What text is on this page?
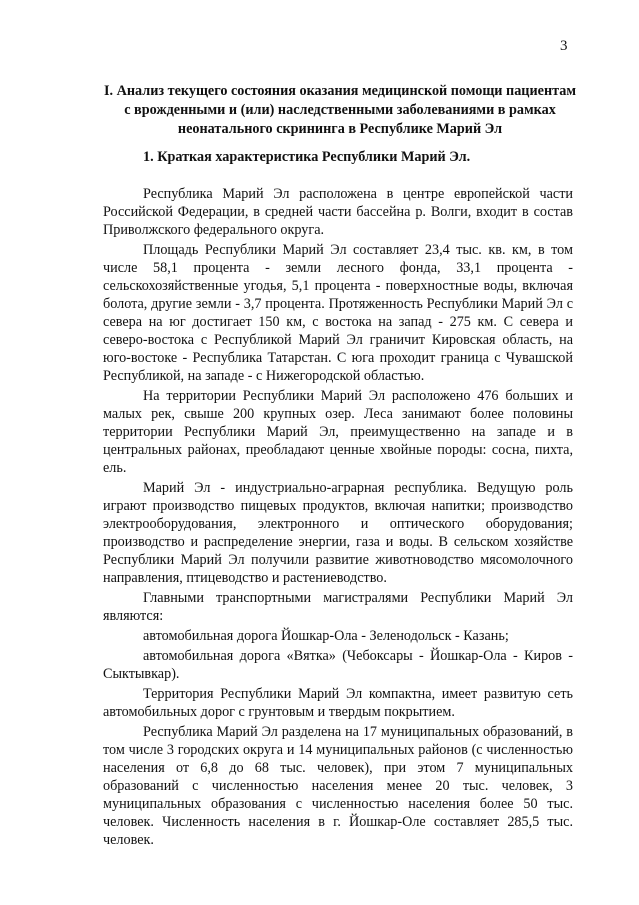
3
I. Анализ текущего состояния оказания медицинской помощи пациентам с врожденными и (или) наследственными заболеваниями в рамках неонатального скрининга в Республике Марий Эл
1. Краткая характеристика Республики Марий Эл.

Республика Марий Эл расположена в центре европейской части Российской Федерации, в средней части бассейна р. Волги, входит в состав Приволжского федерального округа.

Площадь Республики Марий Эл составляет 23,4 тыс. кв. км, в том числе 58,1 процента - земли лесного фонда, 33,1 процента - сельскохозяйственные угодья, 5,1 процента - поверхностные воды, включая болота, другие земли - 3,7 процента. Протяженность Республики Марий Эл с севера на юг достигает 150 км, с востока на запад - 275 км. С севера и северо-востока с Республикой Марий Эл граничит Кировская область, на юго-востоке - Республика Татарстан. С юга проходит граница с Чувашской Республикой, на западе - с Нижегородской областью.

На территории Республики Марий Эл расположено 476 больших и малых рек, свыше 200 крупных озер. Леса занимают более половины территории Республики Марий Эл, преимущественно на западе и в центральных районах, преобладают ценные хвойные породы: сосна, пихта, ель.

Марий Эл - индустриально-аграрная республика. Ведущую роль играют производство пищевых продуктов, включая напитки; производство электрооборудования, электронного и оптического оборудования; производство и распределение энергии, газа и воды. В сельском хозяйстве Республики Марий Эл получили развитие животноводство мясомолочного направления, птицеводство и растениеводство.

Главными транспортными магистралями Республики Марий Эл являются:

автомобильная дорога Йошкар-Ола - Зеленодольск - Казань;

автомобильная дорога «Вятка» (Чебоксары - Йошкар-Ола - Киров - Сыктывкар).

Территория Республики Марий Эл компактна, имеет развитую сеть автомобильных дорог с грунтовым и твердым покрытием.

Республика Марий Эл разделена на 17 муниципальных образований, в том числе 3 городских округа и 14 муниципальных районов (с численностью населения от 6,8 до 68 тыс. человек), при этом 7 муниципальных образований с численностью населения менее 20 тыс. человек, 3 муниципальных образования с численностью населения более 50 тыс. человек. Численность населения в г. Йошкар-Оле составляет 285,5 тыс. человек.
